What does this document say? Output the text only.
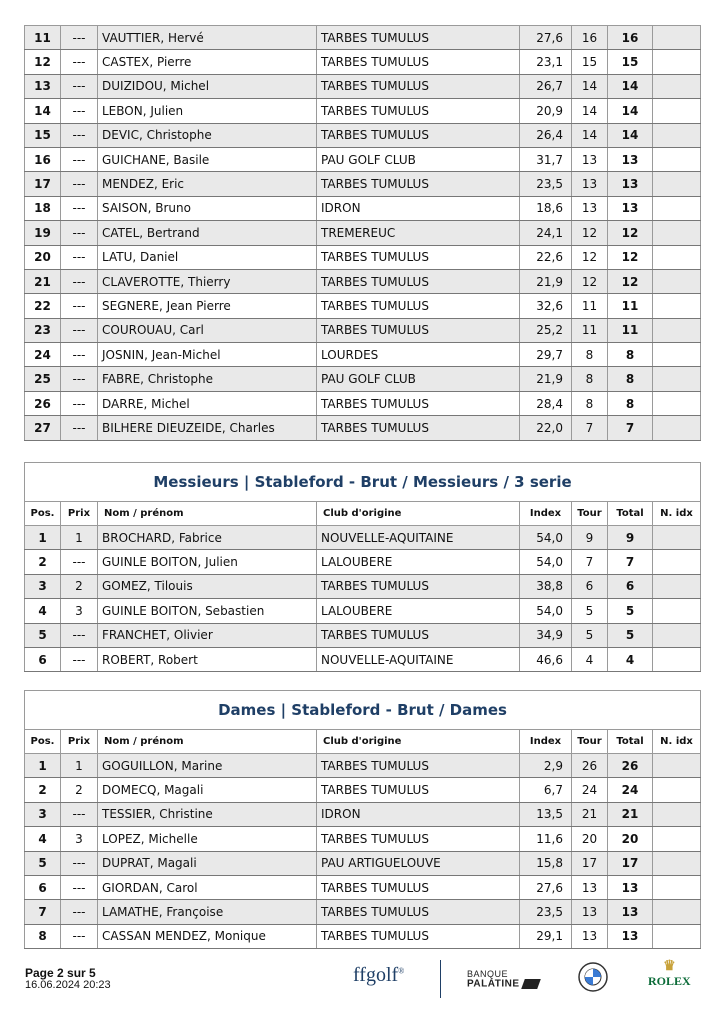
11	---	VAUTTIER, Hervé	TARBES TUMULUS	27,6	16	16	
12	---	CASTEX, Pierre	TARBES TUMULUS	23,1	15	15	
13	---	DUIZIDOU, Michel	TARBES TUMULUS	26,7	14	14	
14	---	LEBON, Julien	TARBES TUMULUS	20,9	14	14	
15	---	DEVIC, Christophe	TARBES TUMULUS	26,4	14	14	
16	---	GUICHANE, Basile	PAU GOLF CLUB	31,7	13	13	
17	---	MENDEZ, Eric	TARBES TUMULUS	23,5	13	13	
18	---	SAISON, Bruno	IDRON	18,6	13	13	
19	---	CATEL, Bertrand	TREMEREUC	24,1	12	12	
20	---	LATU, Daniel	TARBES TUMULUS	22,6	12	12	
21	---	CLAVEROTTE, Thierry	TARBES TUMULUS	21,9	12	12	
22	---	SEGNERE, Jean Pierre	TARBES TUMULUS	32,6	11	11	
23	---	COUROUAU, Carl	TARBES TUMULUS	25,2	11	11	
24	---	JOSNIN, Jean-Michel	LOURDES	29,7	8	8	
25	---	FABRE, Christophe	PAU GOLF CLUB	21,9	8	8	
26	---	DARRE, Michel	TARBES TUMULUS	28,4	8	8	
27	---	BILHERE DIEUZEIDE, Charles	TARBES TUMULUS	22,0	7	7	
Messieurs | Stableford - Brut / Messieurs / 3 serie							
Pos.	Prix	Nom / prénom	Club d'origine	Index	Tour	Total	N. idx
1	1	BROCHARD, Fabrice	NOUVELLE-AQUITAINE	54,0	9	9	
2	---	GUINLE BOITON, Julien	LALOUBERE	54,0	7	7	
3	2	GOMEZ, Tilouis	TARBES TUMULUS	38,8	6	6	
4	3	GUINLE BOITON, Sebastien	LALOUBERE	54,0	5	5	
5	---	FRANCHET, Olivier	TARBES TUMULUS	34,9	5	5	
6	---	ROBERT, Robert	NOUVELLE-AQUITAINE	46,6	4	4	
Dames | Stableford - Brut / Dames							
Pos.	Prix	Nom / prénom	Club d'origine	Index	Tour	Total	N. idx
1	1	GOGUILLON, Marine	TARBES TUMULUS	2,9	26	26	
2	2	DOMECQ, Magali	TARBES TUMULUS	6,7	24	24	
3	---	TESSIER, Christine	IDRON	13,5	21	21	
4	3	LOPEZ, Michelle	TARBES TUMULUS	11,6	20	20	
5	---	DUPRAT, Magali	PAU ARTIGUELOUVE	15,8	17	17	
6	---	GIORDAN, Carol	TARBES TUMULUS	27,6	13	13	
7	---	LAMATHE, Françoise	TARBES TUMULUS	23,5	13	13	
8	---	CASSAN MENDEZ, Monique	TARBES TUMULUS	29,1	13	13	
Page 2 sur 5
16.06.2024 20:23	ffgolf®	BANQUE
PALATINE
♛
ROLEX
